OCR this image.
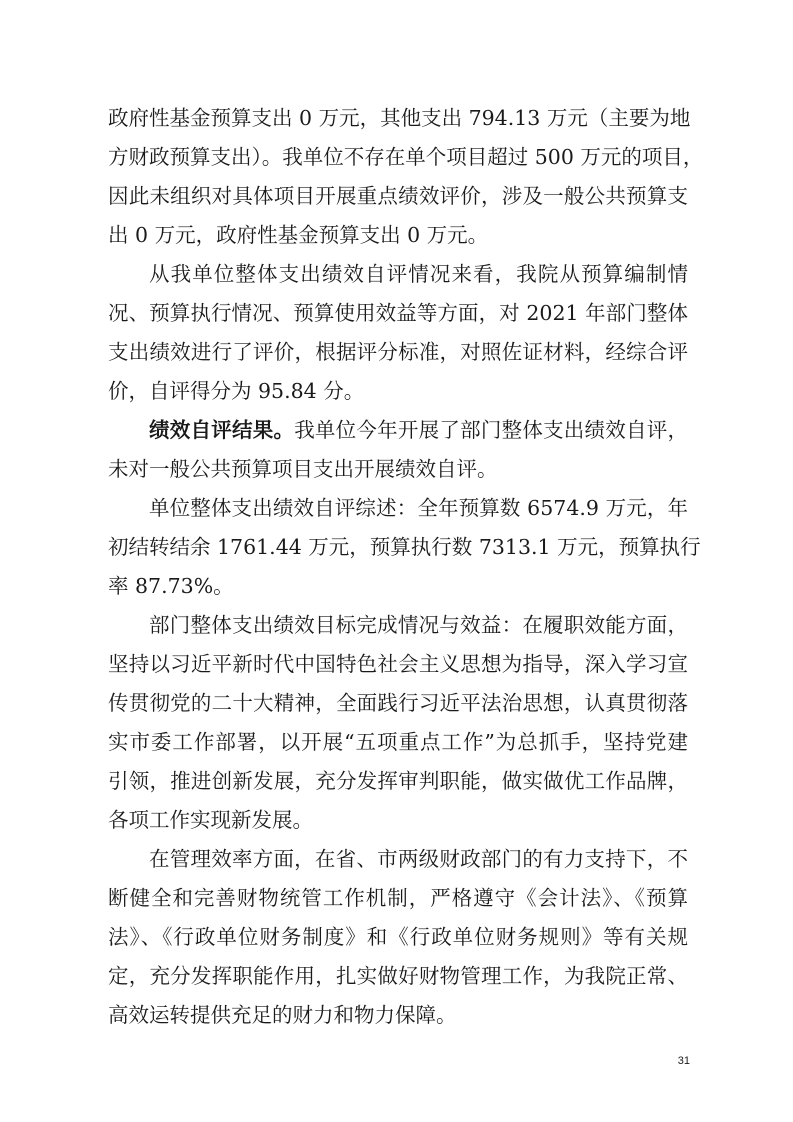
政府性基金预算支出 0 万元，其他支出 794.13 万元（主要为地
方财政预算支出）。我单位不存在单个项目超过 500 万元的项目，
因此未组织对具体项目开展重点绩效评价，涉及一般公共预算支
出 0 万元，政府性基金预算支出 0 万元。
从我单位整体支出绩效自评情况来看，我院从预算编制情
况、预算执行情况、预算使用效益等方面，对 2021 年部门整体
支出绩效进行了评价，根据评分标准，对照佐证材料，经综合评
价，自评得分为 95.84 分。
绩效自评结果。我单位今年开展了部门整体支出绩效自评，
未对一般公共预算项目支出开展绩效自评。
单位整体支出绩效自评综述：全年预算数 6574.9 万元，年
初结转结余 1761.44 万元，预算执行数 7313.1 万元，预算执行
率 87.73%。
部门整体支出绩效目标完成情况与效益：在履职效能方面，
坚持以习近平新时代中国特色社会主义思想为指导，深入学习宣
传贯彻党的二十大精神，全面践行习近平法治思想，认真贯彻落
实市委工作部署，以开展“五项重点工作”为总抓手，坚持党建
引领，推进创新发展，充分发挥审判职能，做实做优工作品牌，
各项工作实现新发展。
在管理效率方面，在省、市两级财政部门的有力支持下，不
断健全和完善财物统管工作机制，严格遵守《会计法》、《预算
法》、《行政单位财务制度》和《行政单位财务规则》等有关规
定，充分发挥职能作用，扎实做好财物管理工作，为我院正常、
高效运转提供充足的财力和物力保障。
31
